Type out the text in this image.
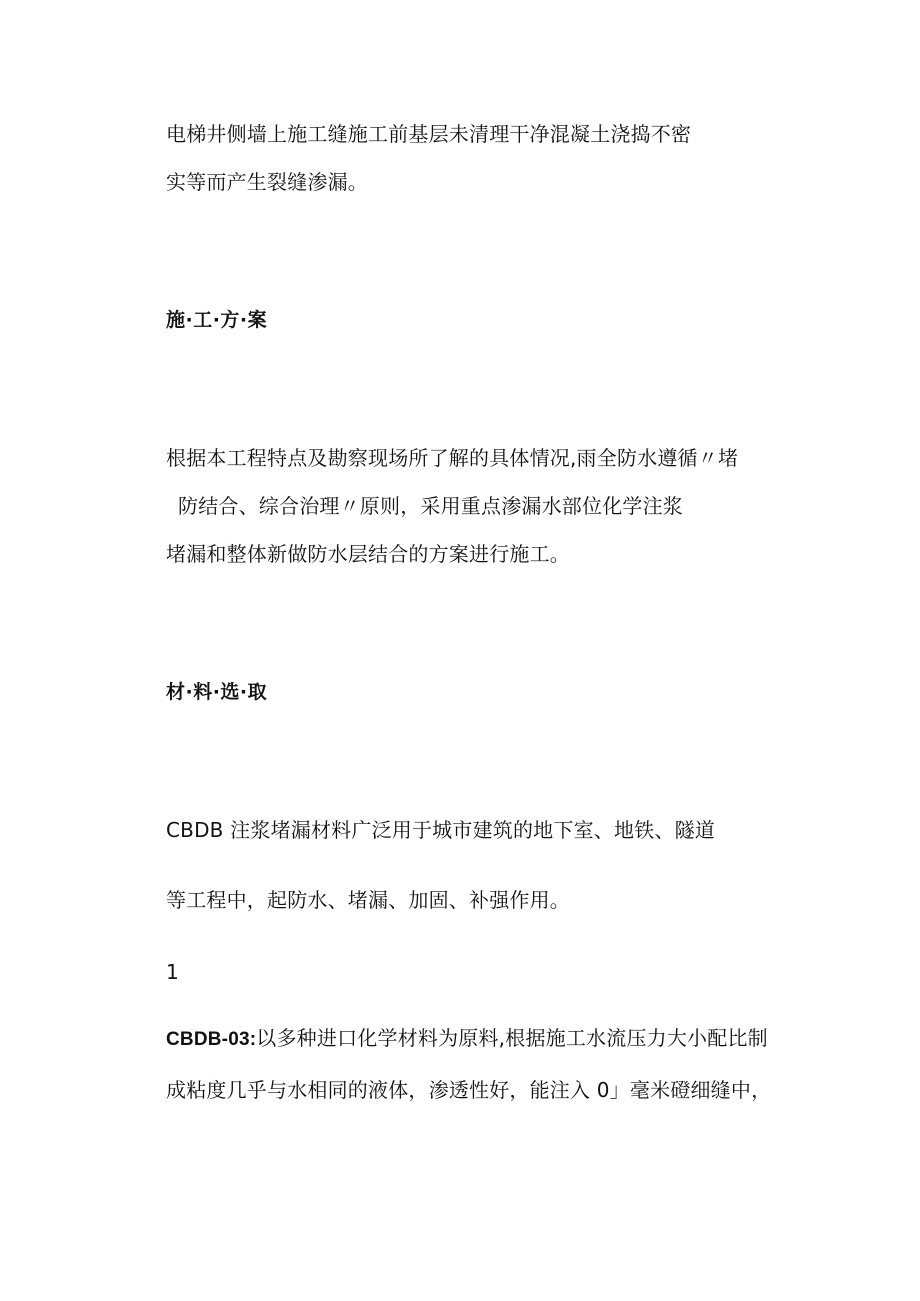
电梯井侧墙上施工缝施工前基层未清理干净混凝土浇捣不密
实等而产生裂缝渗漏。
施·工·方·案
根据本工程特点及勘察现场所了解的具体情况,雨全防水遵循〃堵
防结合、综合治理〃原则，采用重点渗漏水部位化学注浆
堵漏和整体新做防水层结合的方案进行施工。
材·料·选·取
CBDB 注浆堵漏材料广泛用于城市建筑的地下室、地铁、隧道
等工程中，起防水、堵漏、加固、补强作用。
1
CBDB-03:以多种进口化学材料为原料,根据施工水流压力大小配比制
成粘度几乎与水相同的液体，渗透性好，能注入 0」毫米磴细缝中，
